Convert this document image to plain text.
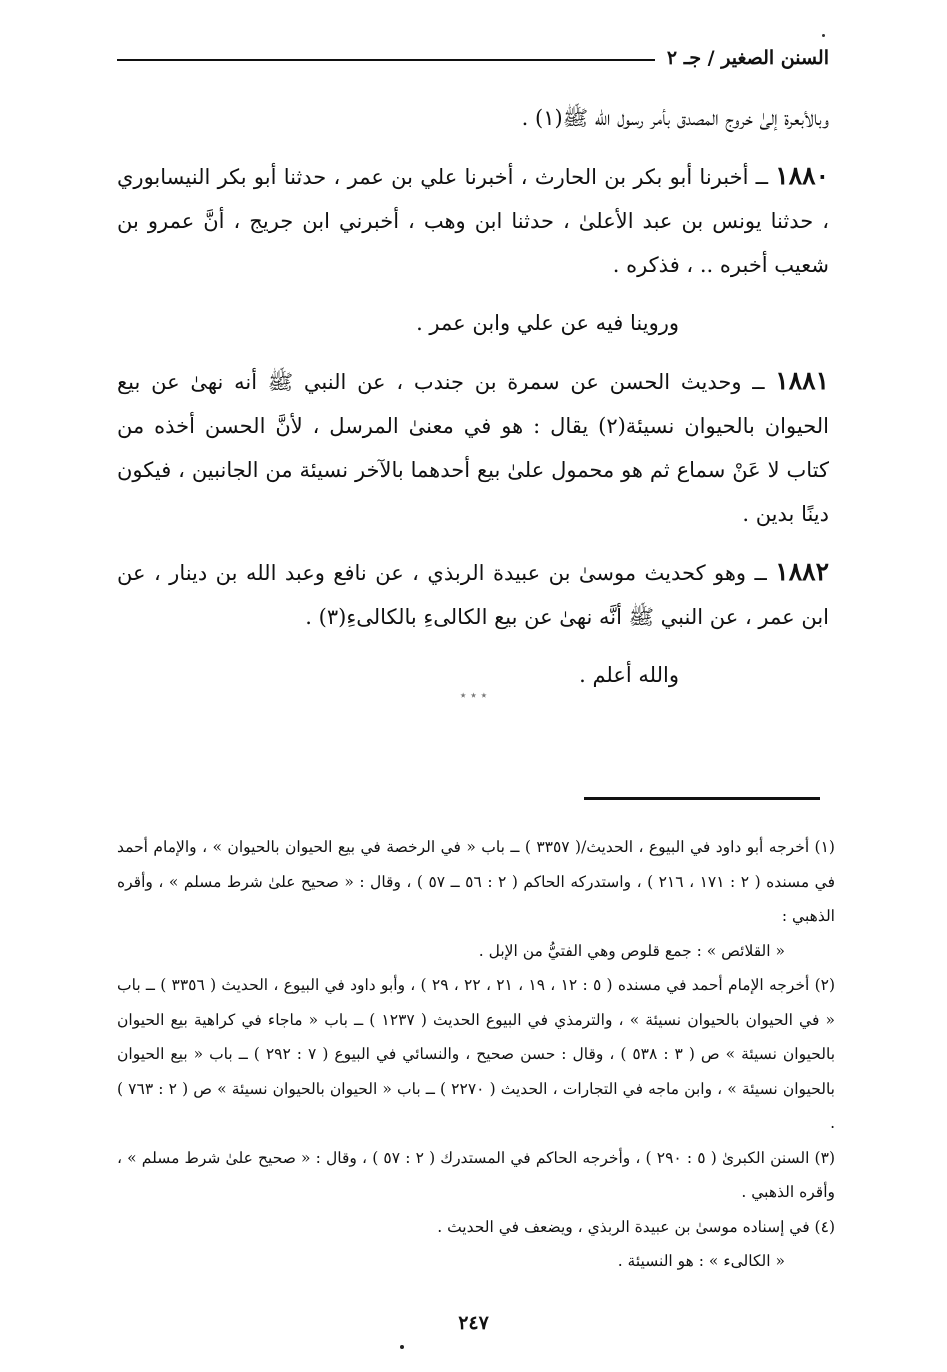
السنن الصغير / جـ ٢

وبالأبعرة إلىٰ خروج المصدق بأمر رسول الله ﷺ(١) .

١٨٨٠ ــ أخبرنا أبو بكر بن الحارث ، أخبرنا علي بن عمر ، حدثنا أبو بكر النيسابوري ، حدثنا يونس بن عبد الأعلىٰ ، حدثنا ابن وهب ، أخبرني ابن جريج ، أنَّ عمرو بن شعيب أخبره .. ، فذكره .

وروينا فيه عن علي وابن عمر .

١٨٨١ ــ وحديث الحسن عن سمرة بن جندب ، عن النبي ﷺ أنه نهىٰ عن بيع الحيوان بالحيوان نسيئة(٢) يقال : هو في معنىٰ المرسل ، لأنَّ الحسن أخذه من كتاب لا عَنْ سماع ثم هو محمول علىٰ بيع أحدهما بالآخر نسيئة من الجانبين ، فيكون دينًا بدين .

١٨٨٢ ــ وهو كحديث موسىٰ بن عبيدة الربذي ، عن نافع وعبد الله بن دينار ، عن ابن عمر ، عن النبي ﷺ أنَّه نهىٰ عن بيع الكالىءِ بالكالىءِ(٣) .

والله أعلم .

٭ ٭ ٭

(١) أخرجه أبو داود في البيوع ، الحديث/( ٣٣٥٧ ) ــ باب « في الرخصة في بيع الحيوان بالحيوان » ، والإمام أحمد في مسنده ( ٢ : ١٧١ ، ٢١٦ ) ، واستدركه الحاكم ( ٢ : ٥٦ ــ ٥٧ ) ، وقال : « صحيح علىٰ شرط مسلم » ، وأقره الذهبي :

« القلائص » : جمع قلوص وهي الفتيُّ من الإبل .

(٢) أخرجه الإمام أحمد في مسنده ( ٥ : ١٢ ، ١٩ ، ٢١ ، ٢٢ ، ٢٩ ) ، وأبو داود في البيوع ، الحديث ( ٣٣٥٦ ) ــ باب « في الحيوان بالحيوان نسيئة » ، والترمذي في البيوع الحديث ( ١٢٣٧ ) ــ باب « ماجاء في كراهية بيع الحيوان بالحيوان نسيئة » ص ( ٣ : ٥٣٨ ) ، وقال : حسن صحيح ، والنسائي في البيوع ( ٧ : ٢٩٢ ) ــ باب « بيع الحيوان بالحيوان نسيئة » ، وابن ماجه في التجارات ، الحديث ( ٢٢٧٠ ) ــ باب « الحيوان بالحيوان نسيئة » ص ( ٢ : ٧٦٣ ) .

(٣) السنن الكبرىٰ ( ٥ : ٢٩٠ ) ، وأخرجه الحاكم في المستدرك ( ٢ : ٥٧ ) ، وقال : « صحيح علىٰ شرط مسلم » ، وأقره الذهبي .

(٤) في إسناده موسىٰ بن عبيدة الربذي ، ويضعف في الحديث .

« الكالىء » : هو النسيئة .

٢٤٧
